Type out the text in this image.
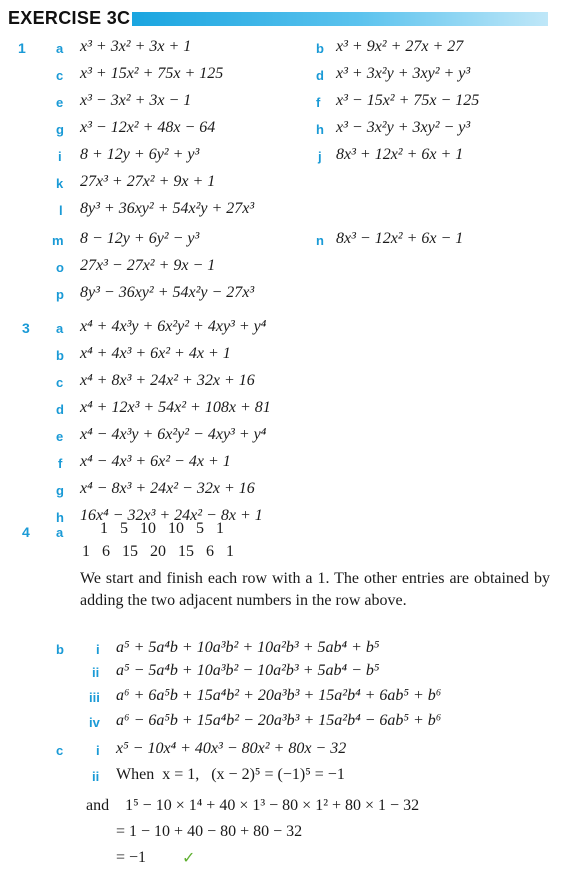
EXERCISE 3C
1 a x³ + 3x² + 3x + 1	b x³ + 9x² + 27x + 27
c x³ + 15x² + 75x + 125	d x³ + 3x²y + 3xy² + y³
e x³ − 3x² + 3x − 1	f x³ − 15x² + 75x − 125
g x³ − 12x² + 48x − 64	h x³ − 3x²y + 3xy² − y³
i 8 + 12y + 6y² + y³	j 8x³ + 12x² + 6x + 1
k 27x³ + 27x² + 9x + 1
l 8y³ + 36xy² + 54x²y + 27x³
m 8 − 12y + 6y² − y³	n 8x³ − 12x² + 6x − 1
o 27x³ − 27x² + 9x − 1
p 8y³ − 36xy² + 54x²y − 27x³
3 a x⁴ + 4x³y + 6x²y² + 4xy³ + y⁴
b x⁴ + 4x³ + 6x² + 4x + 1
c x⁴ + 8x³ + 24x² + 32x + 16
d x⁴ + 12x³ + 54x² + 108x + 81
e x⁴ − 4x³y + 6x²y² − 4xy³ + y⁴
f x⁴ − 4x³ + 6x² − 4x + 1
g x⁴ − 8x³ + 24x² − 32x + 16
h 16x⁴ − 32x³ + 24x² − 8x + 1
4 a 1   5   10   10   5   1
1   6   15   20   15   6   1
We start and finish each row with a 1. The other entries are obtained by adding the two adjacent numbers in the row above.
b i a⁵ + 5a⁴b + 10a³b² + 10a²b³ + 5ab⁴ + b⁵
ii a⁵ − 5a⁴b + 10a³b² − 10a²b³ + 5ab⁴ − b⁵
iii a⁶ + 6a⁵b + 15a⁴b² + 20a³b³ + 15a²b⁴ + 6ab⁵ + b⁶
iv a⁶ − 6a⁵b + 15a⁴b² − 20a³b³ + 15a²b⁴ − 6ab⁵ + b⁶
c	i x⁵ − 10x⁴ + 40x³ − 80x² + 80x − 32
ii When  x = 1,   (x − 2)⁵ = (−1)⁵ = −1
and    1⁵ − 10 × 1⁴ + 40 × 1³ − 80 × 1² + 80 × 1 − 32
= 1 − 10 + 40 − 80 + 80 − 32
= −1 ✓
